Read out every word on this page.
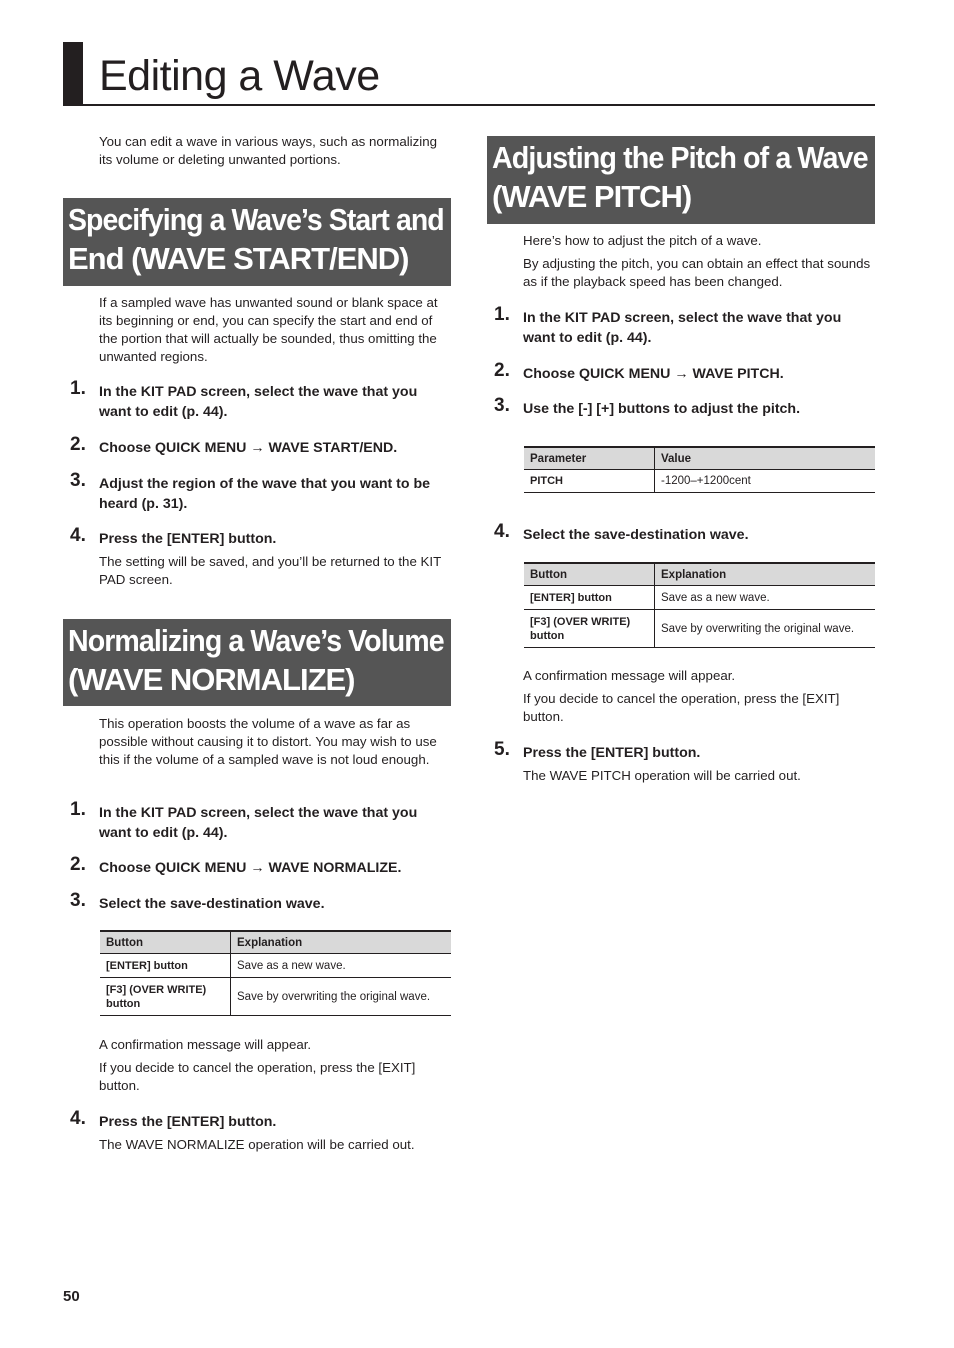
Editing a Wave

You can edit a wave in various ways, such as normalizing its volume or deleting unwanted portions.

Specifying a Wave’s Start and
End (WAVE START/END)

If a sampled wave has unwanted sound or blank space at its beginning or end, you can specify the start and end of the portion that will actually be sounded, thus omitting the unwanted regions.

1. In the KIT PAD screen, select the wave that you want to edit (p. 44).
2. Choose QUICK MENU → WAVE START/END.
3. Adjust the region of the wave that you want to be heard (p. 31).
4. Press the [ENTER] button.

The setting will be saved, and you’ll be returned to the KIT PAD screen.

Normalizing a Wave’s Volume
(WAVE NORMALIZE)

This operation boosts the volume of a wave as far as possible without causing it to distort. You may wish to use this if the volume of a sampled wave is not loud enough.

1. In the KIT PAD screen, select the wave that you want to edit (p. 44).
2. Choose QUICK MENU → WAVE NORMALIZE.
3. Select the save-destination wave.
Button	Explanation
[ENTER] button	Save as a new wave.
[F3] (OVER WRITE) button	Save by overwriting the original wave.

A confirmation message will appear.

If you decide to cancel the operation, press the [EXIT] button.

4. Press the [ENTER] button.

The WAVE NORMALIZE operation will be carried out.

Adjusting the Pitch of a Wave
(WAVE PITCH)

Here’s how to adjust the pitch of a wave.

By adjusting the pitch, you can obtain an effect that sounds as if the playback speed has been changed.

1. In the KIT PAD screen, select the wave that you want to edit (p. 44).
2. Choose QUICK MENU → WAVE PITCH.
3. Use the [-] [+] buttons to adjust the pitch.
Parameter	Value
PITCH	-1200–+1200cent
4. Select the save-destination wave.
Button	Explanation
[ENTER] button	Save as a new wave.
[F3] (OVER WRITE) button	Save by overwriting the original wave.

A confirmation message will appear.

If you decide to cancel the operation, press the [EXIT] button.

5. Press the [ENTER] button.

The WAVE PITCH operation will be carried out.

50
